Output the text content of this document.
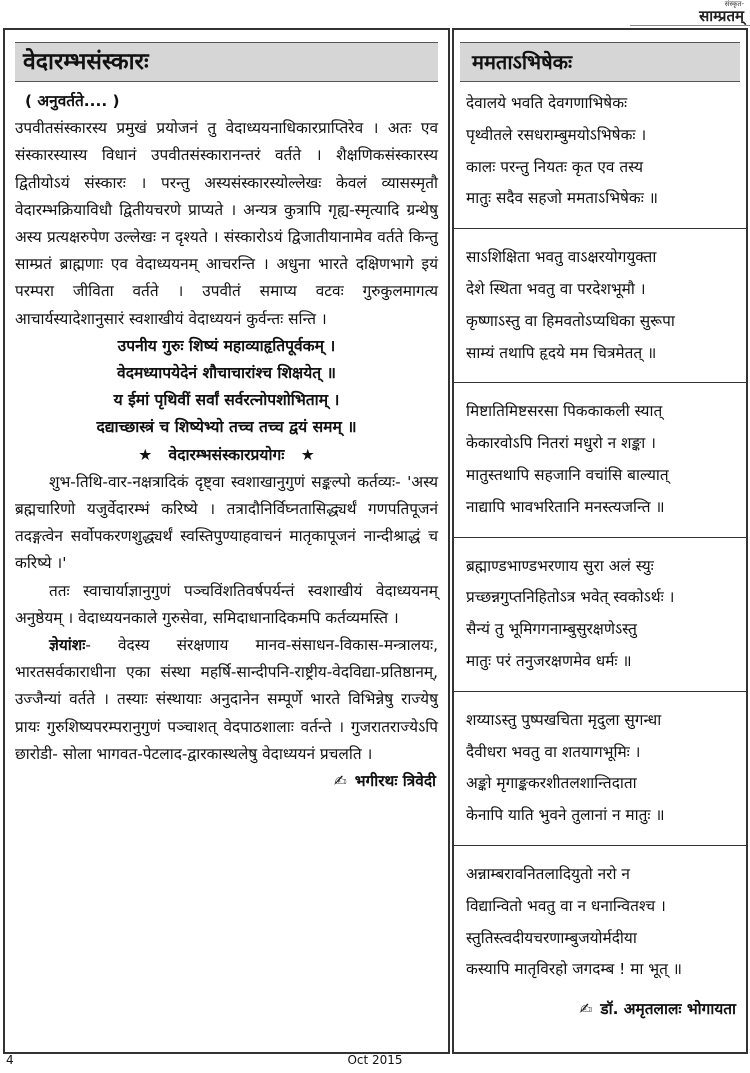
संस्कृत-
साम्प्रतम्
वेदारम्भसंस्कारः

( अनुवर्तते.... )

उपवीतसंस्कारस्य प्रमुखं प्रयोजनं तु वेदाध्ययनाधिकारप्राप्तिरेव । अतः एव संस्कारस्यास्य विधानं उपवीतसंस्कारानन्तरं वर्तते । शैक्षणिकसंस्कारस्य द्वितीयोऽयं संस्कारः । परन्तु अस्यसंस्कारस्योल्लेखः केवलं व्यासस्मृतौ वेदारम्भक्रियाविधौ द्वितीयचरणे प्राप्यते । अन्यत्र कुत्रापि गृह्य-स्मृत्यादि ग्रन्थेषु अस्य प्रत्यक्षरुपेण उल्लेखः न दृश्यते । संस्कारोऽयं द्विजातीयानामेव वर्तते किन्तु साम्प्रतं ब्राह्मणाः एव वेदाध्ययनम् आचरन्ति । अधुना भारते दक्षिणभागे इयं परम्परा जीविता वर्तते । उपवीतं समाप्य वटवः गुरुकुलमागत्य आचार्यस्यादेशानुसारं स्वशाखीयं वेदाध्ययनं कुर्वन्तः सन्ति ।

उपनीय गुरुः शिष्यं महाव्याहृतिपूर्वकम् ।

वेदमध्यापयेदेनं शौचाचारांश्च शिक्षयेत् ॥

य ईमां पृथिवीं सर्वां सर्वरत्नोपशोभिताम् ।

दद्याच्छास्त्रं च शिष्येभ्यो तच्च तच्च द्वयं समम् ॥

★ वेदारम्भसंस्कारप्रयोगः ★

शुभ-तिथि-वार-नक्षत्रादिकं दृष्ट्वा स्वशाखानुगुणं सङ्कल्पो कर्तव्यः- 'अस्य ब्रह्मचारिणो यजुर्वेदारम्भं करिष्ये । तत्रादौनिर्विघ्नतासिद्ध्यर्थं गणपतिपूजनं तदङ्गत्वेन सर्वोपकरणशुद्ध्यर्थं स्वस्तिपुण्याहवाचनं मातृकापूजनं नान्दीश्राद्धं च करिष्ये ।'

ततः स्वाचार्याज्ञानुगुणं पञ्चविंशतिवर्षपर्यन्तं स्वशाखीयं वेदाध्ययनम् अनुष्ठेयम् । वेदाध्ययनकाले गुरुसेवा, समिदाधानादिकमपि कर्तव्यमस्ति ।

ज्ञेयांशः- वेदस्य संरक्षणाय मानव-संसाधन-विकास-मन्त्रालयः, भारतसर्वकाराधीना एका संस्था महर्षि-सान्दीपनि-राष्ट्रीय-वेदविद्या-प्रतिष्ठानम्, उज्जैन्यां वर्तते । तस्याः संस्थायाः अनुदानेन सम्पूर्णे भारते विभिन्नेषु राज्येषु प्रायः गुरुशिष्यपरम्परानुगुणं पञ्चाशत् वेदपाठशालाः वर्तन्ते । गुजरातराज्येऽपि छारोडी- सोला भागवत-पेटलाद-द्वारकास्थलेषु वेदाध्ययनं प्रचलति ।

✍ भगीरथः त्रिवेदी

ममताऽभिषेकः
देवालये भवति देवगणाभिषेकः
पृथ्वीतले रसधराम्बुमयोऽभिषेकः ।
कालः परन्तु नियतः कृत एव तस्य
मातुः सदैव सहजो ममताऽभिषेकः ॥
साऽशिक्षिता भवतु वाऽक्षरयोगयुक्ता
देशे स्थिता भवतु वा परदेशभूमौ ।
कृष्णाऽस्तु वा हिमवतोऽप्यधिका सुरूपा
साम्यं तथापि हृदये मम चित्रमेतत् ॥
मिष्टातिमिष्टसरसा पिककाकली स्यात्
केकारवोऽपि नितरां मधुरो न शङ्का ।
मातुस्तथापि सहजानि वचांसि बाल्यात्
नाद्यापि भावभरितानि मनस्त्यजन्ति ॥
ब्रह्माण्डभाण्डभरणाय सुरा अलं स्युः
प्रच्छन्नगुप्तनिहितोऽत्र भवेत् स्वकोऽर्थः ।
सैन्यं तु भूमिगगनाम्बुसुरक्षणेऽस्तु
मातुः परं तनुजरक्षणमेव धर्मः ॥
शय्याऽस्तु पुष्पखचिता मृदुला सुगन्धा
दैवीधरा भवतु वा शतयागभूमिः ।
अङ्को मृगाङ्ककरशीतलशान्तिदाता
केनापि याति भुवने तुलानां न मातुः ॥
अन्नाम्बरावनितलादियुतो नरो न
विद्यान्वितो भवतु वा न धनान्वितश्च ।
स्तुतिस्त्वदीयचरणाम्बुजयोर्मदीया
कस्यापि मातृविरहो जगदम्ब ! मा भूत् ॥
✍ डॉ. अमृतलालः भोगायता
4	Oct 2015
